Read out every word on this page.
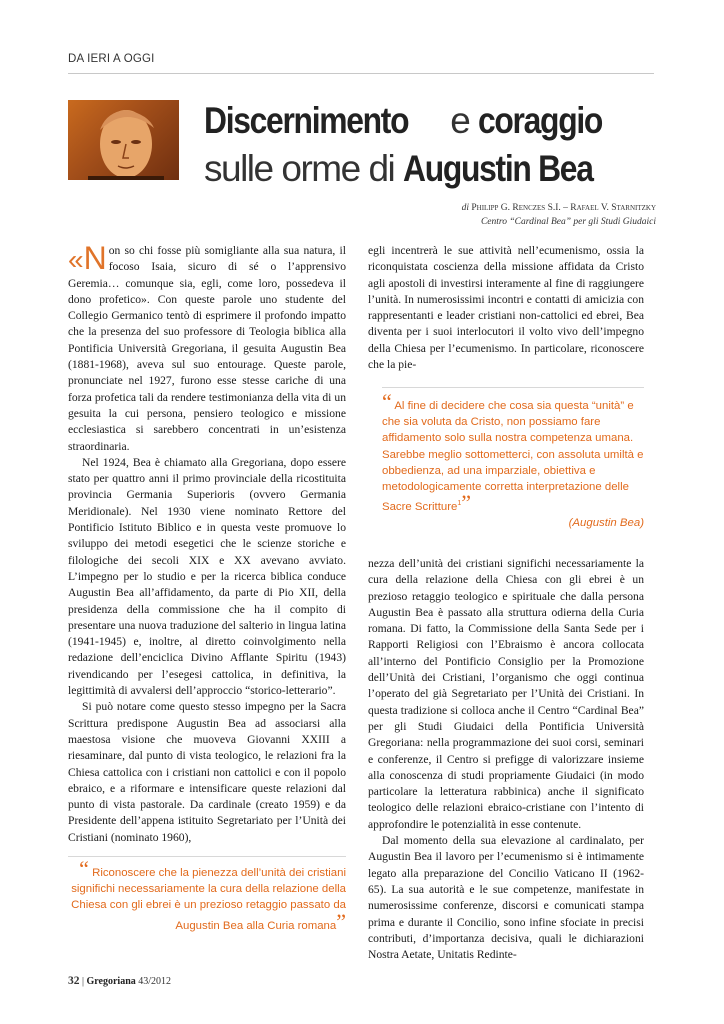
DA IERI A OGGI
Discernimento e coraggio
sulle orme di Augustin Bea
di Philipp G. Renczes S.I. – Rafael V. Starnitzky
Centro “Cardinal Bea” per gli Studi Giudaici

«N on so chi fosse più somigliante alla sua natura, il focoso Isaia, sicuro di sé o l’apprensivo Geremia… comunque sia, egli, come loro, possedeva il dono profetico». Con queste parole uno studente del Collegio Germanico tentò di esprimere il profondo impatto che la presenza del suo professore di Teologia biblica alla Pontificia Università Gregoriana, il gesuita Augustin Bea (1881-1968), aveva sul suo entourage. Queste parole, pronunciate nel 1927, furono esse stesse cariche di una forza profetica tali da rendere testimonianza della vita di un gesuita la cui persona, pensiero teologico e missione ecclesiastica si sarebbero concentrati in un’esistenza straordinaria.

Nel 1924, Bea è chiamato alla Gregoriana, dopo essere stato per quattro anni il primo provinciale della ricostituita provincia Germania Superioris (ovvero Germania Meridionale). Nel 1930 viene nominato Rettore del Pontificio Istituto Biblico e in questa veste promuove lo sviluppo dei metodi esegetici che le scienze storiche e filologiche dei secoli XIX e XX avevano avviato. L’impegno per lo studio e per la ricerca biblica conduce Augustin Bea all’affidamento, da parte di Pio XII, della presidenza della commissione che ha il compito di presentare una nuova traduzione del salterio in lingua latina (1941-1945) e, inoltre, al diretto coinvolgimento nella redazione dell’enciclica Divino Afflante Spiritu (1943) rivendicando per l’esegesi cattolica, in definitiva, la legittimità di avvalersi dell’approccio “storico-letterario”.

Si può notare come questo stesso impegno per la Sacra Scrittura predispone Augustin Bea ad associarsi alla maestosa visione che muoveva Giovanni XXIII a riesaminare, dal punto di vista teologico, le relazioni fra la Chiesa cattolica con i cristiani non cattolici e con il popolo ebraico, e a riformare e intensificare queste relazioni dal punto di vista pastorale. Da cardinale (creato 1959) e da Presidente dell’appena istituito Segretariato per l’Unità dei Cristiani (nominato 1960),

egli incentrerà le sue attività nell’ecumenismo, ossia la riconquistata coscienza della missione affidata da Cristo agli apostoli di investirsi interamente al fine di raggiungere l’unità. In numerosissimi incontri e contatti di amicizia con rappresentanti e leader cristiani non-cattolici ed ebrei, Bea diventa per i suoi interlocutori il volto vivo dell’impegno della Chiesa per l’ecumenismo. In particolare, riconoscere che la pie-

“ Al fine di decidere che cosa sia questa “unità” e che sia voluta da Cristo, non possiamo fare affidamento solo sulla nostra competenza umana. Sarebbe meglio sottometterci, con assoluta umiltà e obbedienza, ad una imparziale, obiettiva e metodologicamente corretta interpretazione delle Sacre Scritture$^1$”
(Augustin Bea)

nezza dell’unità dei cristiani significhi necessariamente la cura della relazione della Chiesa con gli ebrei è un prezioso retaggio teologico e spirituale che dalla persona Augustin Bea è passato alla struttura odierna della Curia romana. Di fatto, la Commissione della Santa Sede per i Rapporti Religiosi con l’Ebraismo è ancora collocata all’interno del Pontificio Consiglio per la Promozione dell’Unità dei Cristiani, l’organismo che oggi continua l’operato del già Segretariato per l’Unità dei Cristiani. In questa tradizione si colloca anche il Centro “Cardinal Bea” per gli Studi Giudaici della Pontificia Università Gregoriana: nella programmazione dei suoi corsi, seminari e conferenze, il Centro si prefigge di valorizzare insieme alla conoscenza di studi propriamente Giudaici (in modo particolare la letteratura rabbinica) anche il significato teologico delle relazioni ebraico-cristiane con l’intento di approfondire le potenzialità in esse contenute.

Dal momento della sua elevazione al cardinalato, per Augustin Bea il lavoro per l’ecumenismo si è intimamente legato alla preparazione del Concilio Vaticano II (1962-65). La sua autorità e le sue competenze, manifestate in numerosissime conferenze, discorsi e comunicati stampa prima e durante il Concilio, sono infine sfociate in precisi contributi, d’importanza decisiva, quali le dichiarazioni Nostra Aetate, Unitatis Redinte-

“ Riconoscere che la pienezza dell’unità dei cristiani significhi necessariamente la cura della relazione della Chiesa con gli ebrei è un prezioso retaggio passato da Augustin Bea alla Curia romana”
32 | Gregoriana 43/2012
